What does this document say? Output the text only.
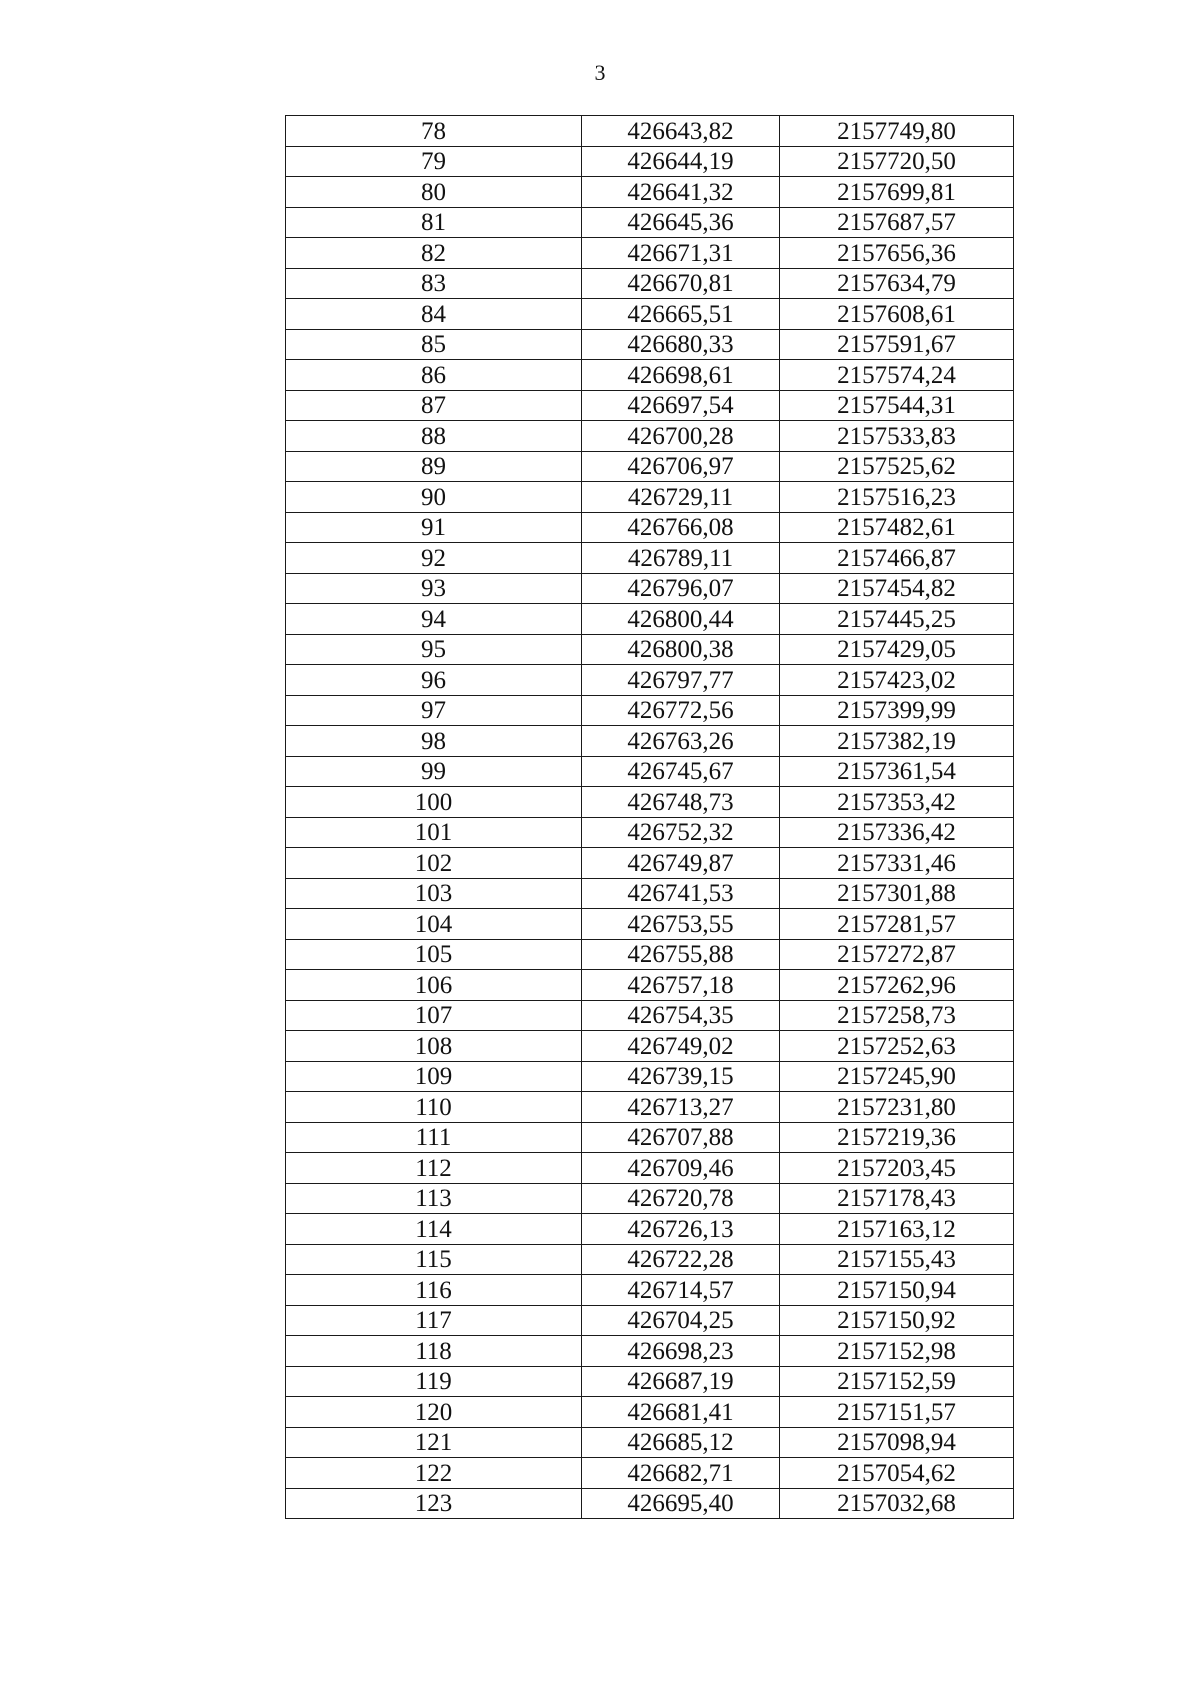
3
78	426643,82	2157749,80
79	426644,19	2157720,50
80	426641,32	2157699,81
81	426645,36	2157687,57
82	426671,31	2157656,36
83	426670,81	2157634,79
84	426665,51	2157608,61
85	426680,33	2157591,67
86	426698,61	2157574,24
87	426697,54	2157544,31
88	426700,28	2157533,83
89	426706,97	2157525,62
90	426729,11	2157516,23
91	426766,08	2157482,61
92	426789,11	2157466,87
93	426796,07	2157454,82
94	426800,44	2157445,25
95	426800,38	2157429,05
96	426797,77	2157423,02
97	426772,56	2157399,99
98	426763,26	2157382,19
99	426745,67	2157361,54
100	426748,73	2157353,42
101	426752,32	2157336,42
102	426749,87	2157331,46
103	426741,53	2157301,88
104	426753,55	2157281,57
105	426755,88	2157272,87
106	426757,18	2157262,96
107	426754,35	2157258,73
108	426749,02	2157252,63
109	426739,15	2157245,90
110	426713,27	2157231,80
111	426707,88	2157219,36
112	426709,46	2157203,45
113	426720,78	2157178,43
114	426726,13	2157163,12
115	426722,28	2157155,43
116	426714,57	2157150,94
117	426704,25	2157150,92
118	426698,23	2157152,98
119	426687,19	2157152,59
120	426681,41	2157151,57
121	426685,12	2157098,94
122	426682,71	2157054,62
123	426695,40	2157032,68
